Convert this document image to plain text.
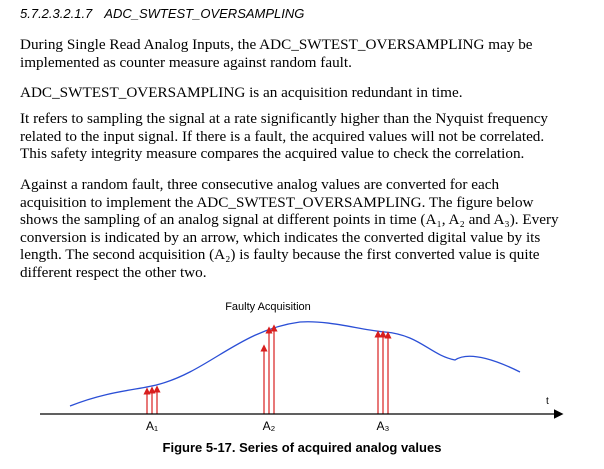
5.7.2.3.2.1.7 ADC_SWTEST_OVERSAMPLING

During Single Read Analog Inputs, the ADC_SWTEST_OVERSAMPLING may be
implemented as counter measure against random fault.

ADC_SWTEST_OVERSAMPLING is an acquisition redundant in time.

It refers to sampling the signal at a rate significantly higher than the Nyquist frequency
related to the input signal. If there is a fault, the acquired values will not be correlated.
This safety integrity measure compares the acquired value to check the correlation.

Against a random fault, three consecutive analog values are converted for each
acquisition to implement the ADC_SWTEST_OVERSAMPLING. The figure below
shows the sampling of an analog signal at different points in time (A₁, A₂ and A₃). Every
conversion is indicated by an arrow, which indicates the converted digital value by its
length. The second acquisition (A₂) is faulty because the first converted value is quite
different respect the other two.

Faulty Acquisition
t
A₁	A₂	A₃
Figure 5-17. Series of acquired analog values
